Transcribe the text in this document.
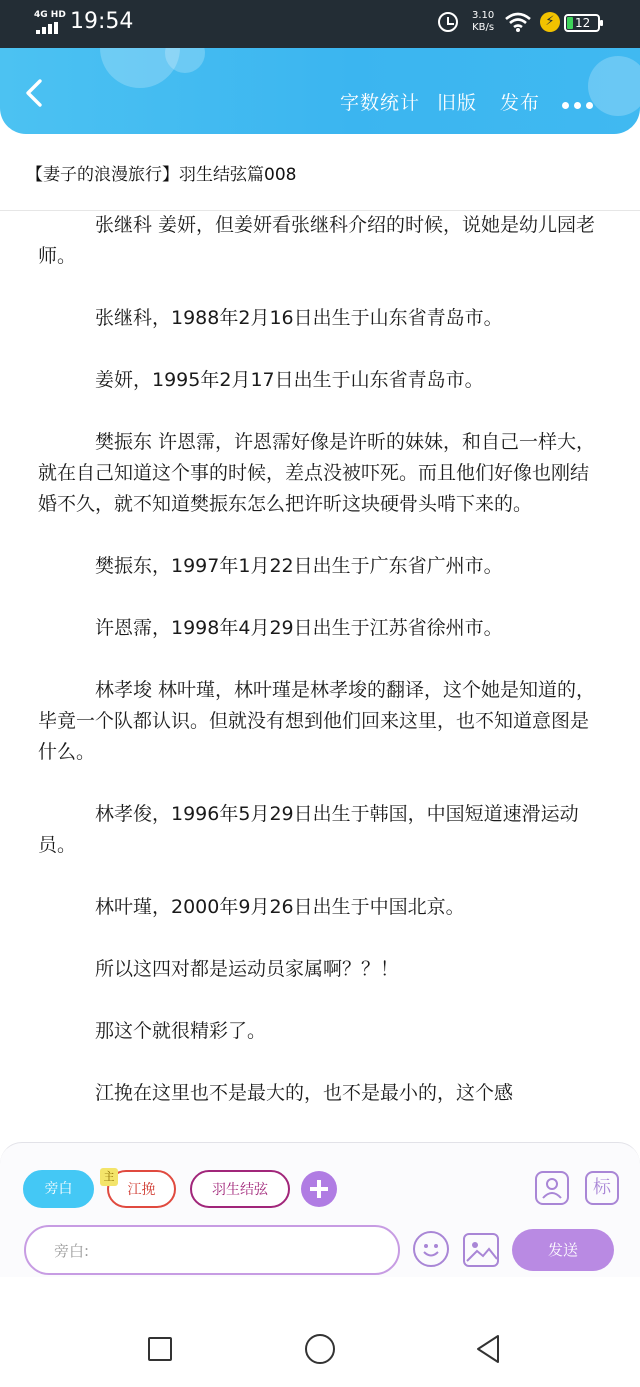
4G HD 19:54	3.10
KB/s	⚡	12
字数统计 旧版 发布
【妻子的浪漫旅行】羽生结弦篇008

张继科 姜妍，但姜妍看张继科介绍的时候，说她是幼儿园老师。

张继科，1988年2月16日出生于山东省青岛市。

姜妍，1995年2月17日出生于山东省青岛市。

樊振东 许恩霈，许恩霈好像是许昕的妹妹，和自己一样大，就在自己知道这个事的时候，差点没被吓死。而且他们好像也刚结婚不久，就不知道樊振东怎么把许昕这块硬骨头啃下来的。

樊振东，1997年1月22日出生于广东省广州市。

许恩霈，1998年4月29日出生于江苏省徐州市。

林孝埈 林叶瑾，林叶瑾是林孝埈的翻译，这个她是知道的，毕竟一个队都认识。但就没有想到他们回来这里，也不知道意图是什么。

林孝俊，1996年5月29日出生于韩国，中国短道速滑运动员。

林叶瑾，2000年9月26日出生于中国北京。

所以这四对都是运动员家属啊？？！

那这个就很精彩了。

江挽在这里也不是最大的，也不是最小的，这个感

旁白	江挽
主
羽生结弦	标
旁白:
发送
